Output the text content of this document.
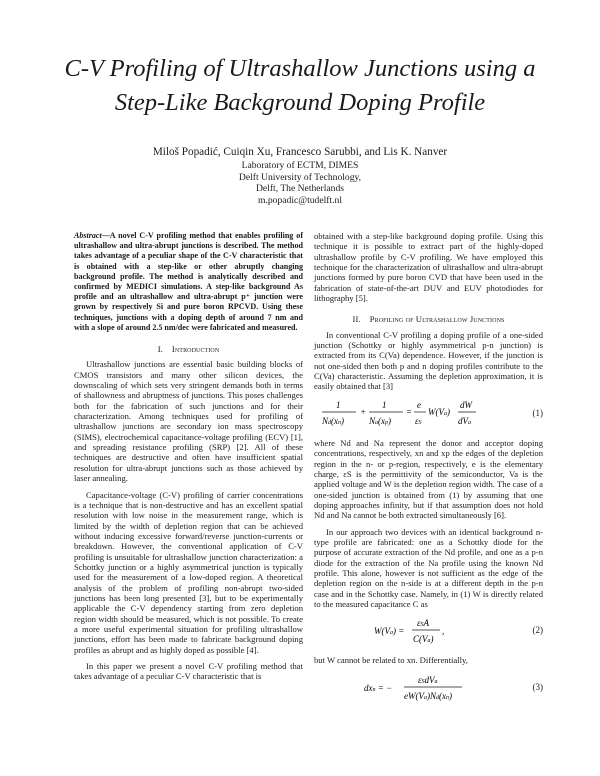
C-V Profiling of Ultrashallow Junctions using a
Step-Like Background Doping Profile
Miloš Popadić, Cuiqin Xu, Francesco Sarubbi, and Lis K. Nanver
Laboratory of ECTM, DIMES
Delft University of Technology,
Delft, The Netherlands
m.popadic@tudelft.nl

Abstract—A novel C-V profiling method that enables profiling of ultrashallow and ultra-abrupt junctions is described. The method takes advantage of a peculiar shape of the C-V characteristic that is obtained with a step-like or other abruptly changing background profile. The method is analytically described and confirmed by MEDICI simulations. A step-like background As profile and an ultrashallow and ultra-abrupt p⁺ junction were grown by respectively Si and pure boron RPCVD. Using these techniques, junctions with a doping depth of around 7 nm and with a slope of around 2.5 nm/dec were fabricated and measured.

I. Introduction

Ultrashallow junctions are essential basic building blocks of CMOS transistors and many other silicon devices, the downscaling of which sets very stringent demands both in terms of shallowness and abruptness of junctions. This poses challenges both for the fabrication of such junctions and for their characterization. Among techniques used for profiling of ultrashallow junctions are secondary ion mass spectroscopy (SIMS), electrochemical capacitance-voltage profiling (ECV) [1], and spreading resistance profiling (SRP) [2]. All of these techniques are destructive and often have insufficient spatial resolution for ultra-abrupt junctions such as those achieved by laser annealing.

Capacitance-voltage (C-V) profiling of carrier concentrations is a technique that is non-destructive and has an excellent spatial resolution with low noise in the measurement range, which is limited by the width of depletion region that can be achieved without inducing excessive forward/reverse junction-currents or breakdown. However, the conventional application of C-V profiling is unsuitable for ultrashallow junction characterization: a Schottky junction or a highly asymmetrical junction is typically used for the measurement of a low-doped region. A theoretical analysis of the problem of profiling non-abrupt two-sided junctions has been long presented [3], but to be experimentally applicable the C-V dependency starting from zero depletion region width should be measured, which is not possible. To create a more useful experimental situation for profiling ultrashallow junctions, effort has been made to fabricate background doping profiles as abrupt and as highly doped as possible [4].

In this paper we present a novel C-V profiling method that takes advantage of a peculiar C-V characteristic that is

obtained with a step-like background doping profile. Using this technique it is possible to extract part of the highly-doped ultrashallow profile by C-V profiling. We have employed this technique for the characterization of ultrashallow and ultra-abrupt junctions formed by pure boron CVD that have been used in the fabrication of state-of-the-art DUV and EUV photodiodes for lithography [5].

II. Profiling of Ultrashallow Junctions

In conventional C-V profiling a doping profile of a one-sided junction (Schottky or highly asymmetrical p-n junction) is extracted from its C(Va) dependence. However, if the junction is not one-sided then both p and n doping profiles contribute to the C(Va) characteristic. Assuming the depletion approximation, it is easily obtained that [3]

1
Nd(xn)
+
1
Na(xp)
=
e
εS
W(Va)
dW
dVa
(1)

where Nd and Na represent the donor and acceptor doping concentrations, respectively, xn and xp the edges of the depletion region in the n- or p-region, respectively, e is the elementary charge, εS is the permittivity of the semiconductor, Va is the applied voltage and W is the depletion region width. The case of a one-sided junction is obtained from (1) by assuming that one doping approaches infinity, but if that assumption does not hold Nd and Na cannot be both extracted simultaneously [6].

In our approach two devices with an identical background n-type profile are fabricated: one as a Schottky diode for the purpose of accurate extraction of the Nd profile, and one as a p-n diode for the extraction of the Na profile using the known Nd profile. This alone, however is not sufficient as the edge of the depletion region on the n-side is at a different depth in the p-n case and in the Schottky case. Namely, in (1) W is directly related to the measured capacitance C as

W(Va) =
εSA
C(Va)
,	(2)

but W cannot be related to xn. Differentially,

dxn = −
εSdVa
eW(Va)Nd(xn)
(3)
